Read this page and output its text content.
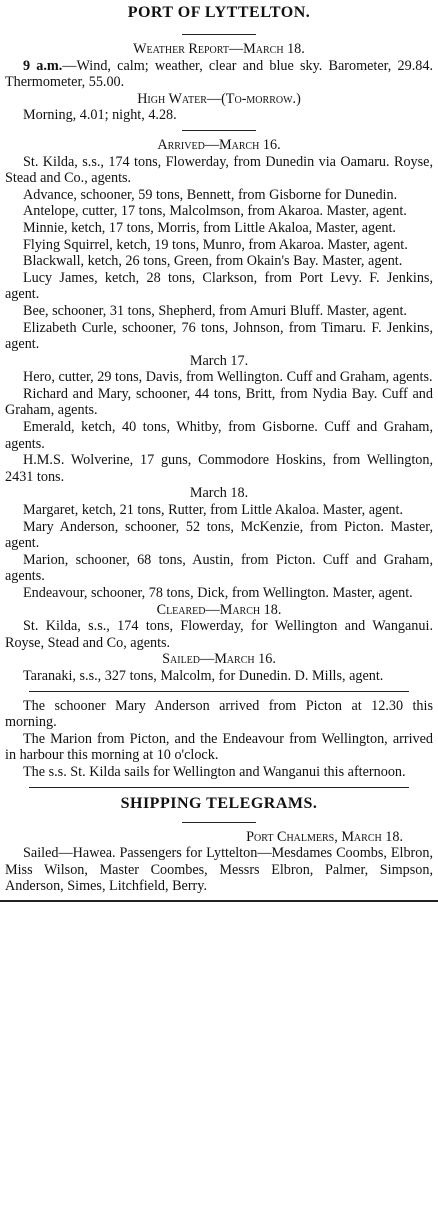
PORT OF LYTTELTON.

Weather Report—March 18.

9 a.m.—Wind, calm; weather, clear and blue sky. Barometer, 29.84. Thermometer, 55.00.

High Water—(To-morrow.)

Morning, 4.01; night, 4.28.

Arrived—March 16.

St. Kilda, s.s., 174 tons, Flowerday, from Dunedin via Oamaru. Royse, Stead and Co., agents.

Advance, schooner, 59 tons, Bennett, from Gisborne for Dunedin.

Antelope, cutter, 17 tons, Malcolmson, from Akaroa. Master, agent.

Minnie, ketch, 17 tons, Morris, from Little Akaloa, Master, agent.

Flying Squirrel, ketch, 19 tons, Munro, from Akaroa. Master, agent.

Blackwall, ketch, 26 tons, Green, from Okain's Bay. Master, agent.

Lucy James, ketch, 28 tons, Clarkson, from Port Levy. F. Jenkins, agent.

Bee, schooner, 31 tons, Shepherd, from Amuri Bluff. Master, agent.

Elizabeth Curle, schooner, 76 tons, Johnson, from Timaru. F. Jenkins, agent.

March 17.

Hero, cutter, 29 tons, Davis, from Wellington. Cuff and Graham, agents.

Richard and Mary, schooner, 44 tons, Britt, from Nydia Bay. Cuff and Graham, agents.

Emerald, ketch, 40 tons, Whitby, from Gisborne. Cuff and Graham, agents.

H.M.S. Wolverine, 17 guns, Commodore Hoskins, from Wellington, 2431 tons.

March 18.

Margaret, ketch, 21 tons, Rutter, from Little Akaloa. Master, agent.

Mary Anderson, schooner, 52 tons, McKenzie, from Picton. Master, agent.

Marion, schooner, 68 tons, Austin, from Picton. Cuff and Graham, agents.

Endeavour, schooner, 78 tons, Dick, from Wellington. Master, agent.

Cleared—March 18.

St. Kilda, s.s., 174 tons, Flowerday, for Wellington and Wanganui. Royse, Stead and Co, agents.

Sailed—March 16.

Taranaki, s.s., 327 tons, Malcolm, for Dunedin. D. Mills, agent.

The schooner Mary Anderson arrived from Picton at 12.30 this morning.

The Marion from Picton, and the Endeavour from Wellington, arrived in harbour this morning at 10 o'clock.

The s.s. St. Kilda sails for Wellington and Wanganui this afternoon.

SHIPPING TELEGRAMS.

Port Chalmers, March 18.

Sailed—Hawea. Passengers for Lyttelton—Mesdames Coombs, Elbron, Miss Wilson, Master Coombes, Messrs Elbron, Palmer, Simpson, Anderson, Simes, Litchfield, Berry.
